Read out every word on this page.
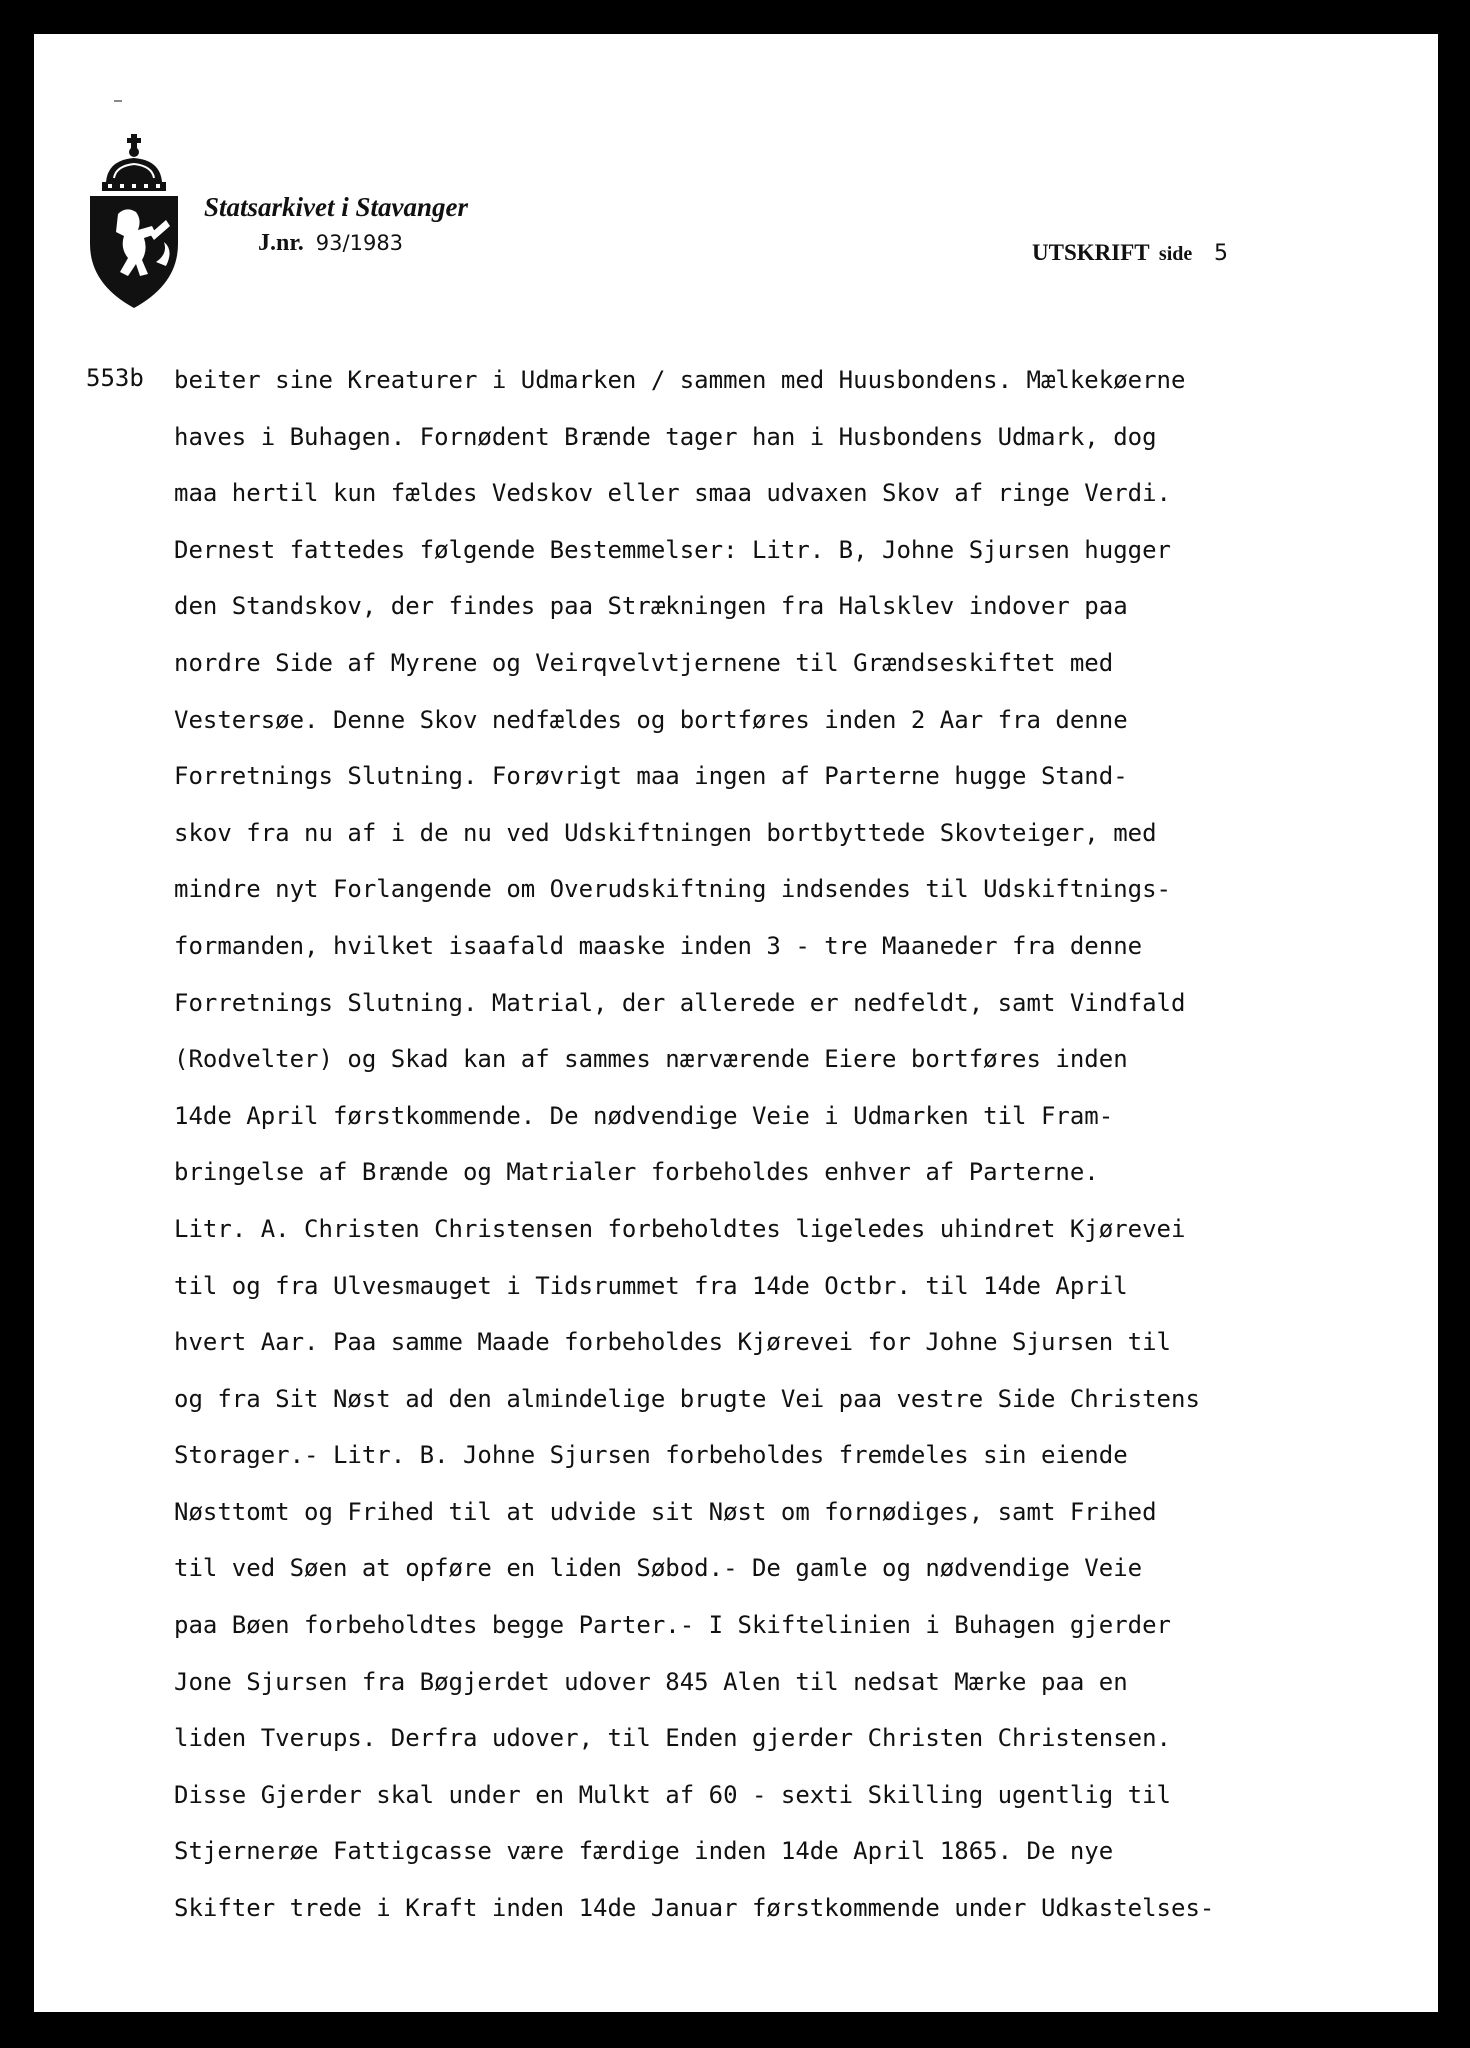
Statsarkivet i Stavanger
J.nr. 93/1983	UTSKRIFT side 5
553b beiter sine Kreaturer i Udmarken / sammen med Huusbondens. Mælkekøerne
haves i Buhagen. Fornødent Brænde tager han i Husbondens Udmark, dog
maa hertil kun fældes Vedskov eller smaa udvaxen Skov af ringe Verdi.
Dernest fattedes følgende Bestemmelser: Litr. B, Johne Sjursen hugger
den Standskov, der findes paa Strækningen fra Halsklev indover paa
nordre Side af Myrene og Veirqvelvtjernene til Grændseskiftet med
Vestersøe. Denne Skov nedfældes og bortføres inden 2 Aar fra denne
Forretnings Slutning. Forøvrigt maa ingen af Parterne hugge Stand-
skov fra nu af i de nu ved Udskiftningen bortbyttede Skovteiger, med
mindre nyt Forlangende om Overudskiftning indsendes til Udskiftnings-
formanden, hvilket isaafald maaske inden 3 - tre Maaneder fra denne
Forretnings Slutning. Matrial, der allerede er nedfeldt, samt Vindfald
(Rodvelter) og Skad kan af sammes nærværende Eiere bortføres inden
14de April førstkommende. De nødvendige Veie i Udmarken til Fram-
bringelse af Brænde og Matrialer forbeholdes enhver af Parterne.
Litr. A. Christen Christensen forbeholdtes ligeledes uhindret Kjørevei
til og fra Ulvesmauget i Tidsrummet fra 14de Octbr. til 14de April
hvert Aar. Paa samme Maade forbeholdes Kjørevei for Johne Sjursen til
og fra Sit Nøst ad den almindelige brugte Vei paa vestre Side Christens
Storager.- Litr. B. Johne Sjursen forbeholdes fremdeles sin eiende
Nøsttomt og Frihed til at udvide sit Nøst om fornødiges, samt Frihed
til ved Søen at opføre en liden Søbod.- De gamle og nødvendige Veie
paa Bøen forbeholdtes begge Parter.- I Skiftelinien i Buhagen gjerder
Jone Sjursen fra Bøgjerdet udover 845 Alen til nedsat Mærke paa en
liden Tverups. Derfra udover, til Enden gjerder Christen Christensen.
Disse Gjerder skal under en Mulkt af 60 - sexti Skilling ugentlig til
Stjernerøe Fattigcasse være færdige inden 14de April 1865. De nye
Skifter trede i Kraft inden 14de Januar førstkommende under Udkastelses-
